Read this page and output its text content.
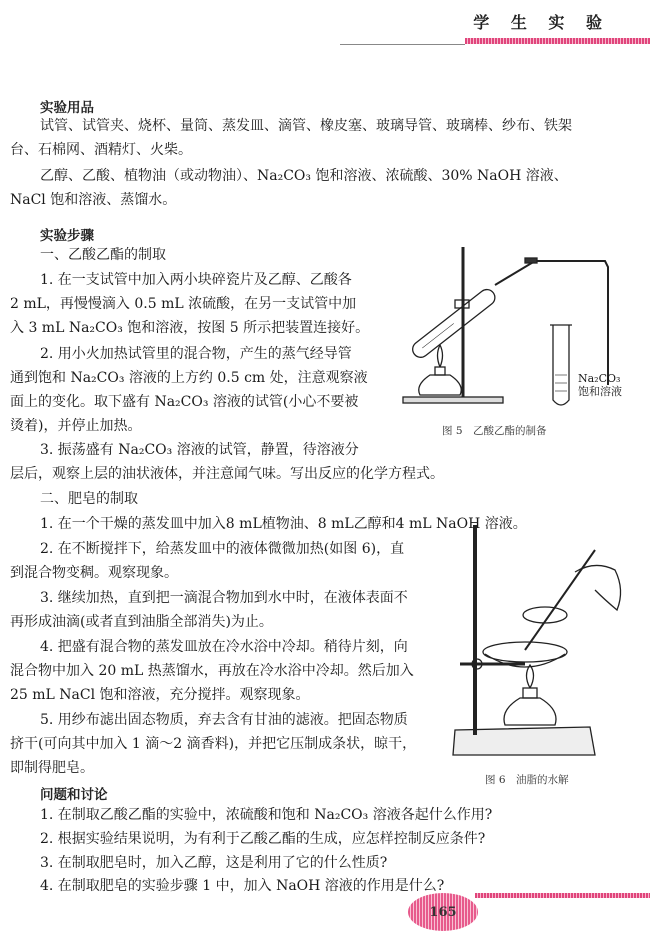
学 生 实 验
实验用品
试管、试管夹、烧杯、量筒、蒸发皿、滴管、橡皮塞、玻璃导管、玻璃棒、纱布、铁架
台、石棉网、酒精灯、火柴。
乙醇、乙酸、植物油（或动物油）、Na₂CO₃ 饱和溶液、浓硫酸、30% NaOH 溶液、
NaCl 饱和溶液、蒸馏水。
实验步骤
一、乙酸乙酯的制取
1. 在一支试管中加入两小块碎瓷片及乙醇、乙酸各
2 mL，再慢慢滴入 0.5 mL 浓硫酸，在另一支试管中加
入 3 mL Na₂CO₃ 饱和溶液，按图 5 所示把装置连接好。
2. 用小火加热试管里的混合物，产生的蒸气经导管
通到饱和 Na₂CO₃ 溶液的上方约 0.5 cm 处，注意观察液
面上的变化。取下盛有 Na₂CO₃ 溶液的试管(小心不要被
烫着)，并停止加热。
3. 振荡盛有 Na₂CO₃ 溶液的试管，静置，待溶液分
层后，观察上层的油状液体，并注意闻气味。写出反应的化学方程式。
二、肥皂的制取
1. 在一个干燥的蒸发皿中加入8 mL植物油、8 mL乙醇和4 mL NaOH 溶液。
2. 在不断搅拌下，给蒸发皿中的液体微微加热(如图 6)，直
到混合物变稠。观察现象。
3. 继续加热，直到把一滴混合物加到水中时，在液体表面不
再形成油滴(或者直到油脂全部消失)为止。
4. 把盛有混合物的蒸发皿放在冷水浴中冷却。稍待片刻，向
混合物中加入 20 mL 热蒸馏水，再放在冷水浴中冷却。然后加入
25 mL NaCl 饱和溶液，充分搅拌。观察现象。
5. 用纱布滤出固态物质，弃去含有甘油的滤液。把固态物质
挤干(可向其中加入 1 滴～2 滴香料)，并把它压制成条状，晾干，
即制得肥皂。
Na₂CO₃
饱和溶液
图 5　乙酸乙酯的制备
图 6　油脂的水解
问题和讨论
1. 在制取乙酸乙酯的实验中，浓硫酸和饱和 Na₂CO₃ 溶液各起什么作用?
2. 根据实验结果说明，为有利于乙酸乙酯的生成，应怎样控制反应条件?
3. 在制取肥皂时，加入乙醇，这是利用了它的什么性质?
4. 在制取肥皂的实验步骤 1 中，加入 NaOH 溶液的作用是什么?
165
